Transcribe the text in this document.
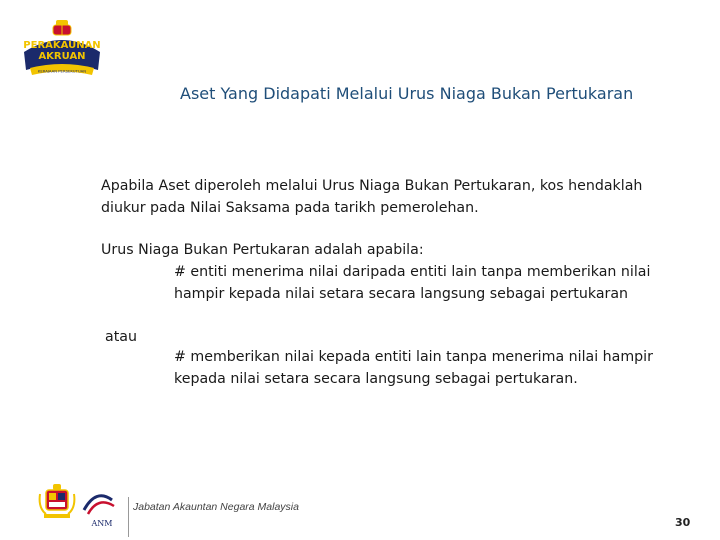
PERAKAUNAN
AKRUAN
KERAJAAN PERSEKUTUAN
Aset Yang Didapati Melalui Urus Niaga Bukan Pertukaran
Apabila Aset diperoleh melalui Urus Niaga Bukan Pertukaran, kos hendaklah diukur pada Nilai Saksama pada tarikh pemerolehan.
Urus Niaga Bukan Pertukaran adalah apabila:
# entiti menerima nilai daripada entiti lain tanpa memberikan nilai hampir kepada nilai setara secara langsung sebagai pertukaran
atau
# memberikan nilai kepada entiti lain tanpa menerima nilai hampir kepada nilai setara secara langsung sebagai pertukaran.
ANM
Jabatan Akauntan Negara Malaysia
30
